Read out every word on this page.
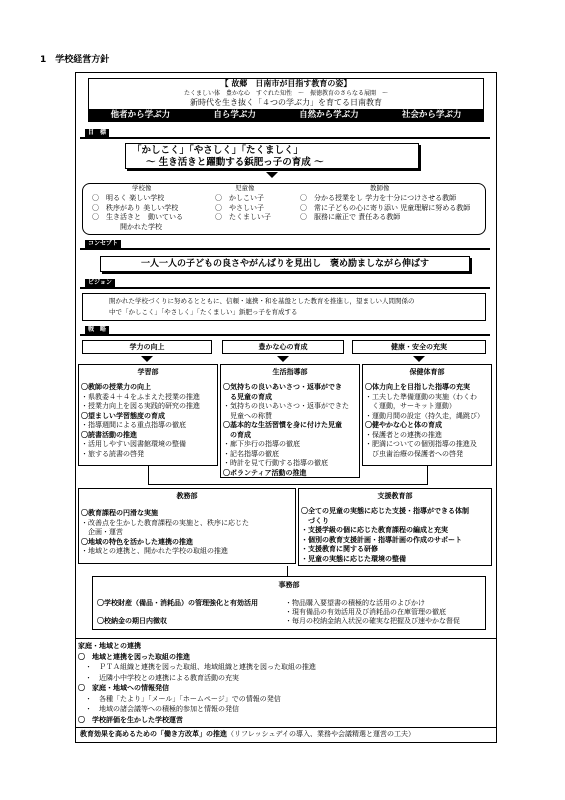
1　学校経営方針
【 故郷　日南市が目指す教育の姿】
たくましい体　豊かな心　すぐれた知性　～　振徳教育のさらなる展開　～
新時代を生き抜く「４つの学ぶ力」を育てる日南教育
他者から学ぶ力	自ら学ぶ力	自然から学ぶ力	社会から学ぶ力
目　標
「かしこく」「やさしく」「たくましく」
～ 生き活きと躍動する鋲肥っ子の育成 ～
学校像
〇　明るく 楽しい学校
〇　秩序があり 美しい学校
〇　生き活きと　動いている
　　　　開かれた学校
児童像
〇　かしこい子
〇　やさしい子
〇　たくましい子
教師像
〇　分かる授業をし 学力を十分につけさせる教師
〇　常に子どもの心に寄り添い 児童理解に努める教師
〇　服務に厳正で 責任ある教師
コンセプト
一人一人の子どもの良さやがんばりを見出し　褒め励ましながら伸ばす
ビジョン
開かれた学校づくりに努めるとともに、信頼・連携・和を基盤とした教育を推進し，望ましい人間関係の
中で「かしこく」「やさしく」「たくましい」鋲肥っ子を育成する
戦　略
学力の向上	豊かな心の育成	健康・安全の充実
学習部
〇教師の授業力の向上
・県教委４＋４をふまえた授業の推進
・授業力向上を図る実践的研究の推進
〇望ましい学習態度の育成
・指導週間による重点指導の徹底
〇読書活動の推進
・活用しやすい図書館環境の整備
・旅する読書の啓発
生活指導部
〇気持ちの良いあいさつ・返事ができ
　る児童の育成
・気持ちの良いあいさつ・返事ができた
　児童への称賛
〇基本的な生活習慣を身に付けた児童
　の育成
・廊下歩行の指導の徹底
・記名指導の徹底
・時計を見て行動する指導の徹底
〇ボランティア活動の推進
保健体育部
〇体力向上を目指した指導の充実
・工夫した準備運動の実施（わくわ
　く運動，サーキット運動）
・運動月間の設定（持久走，縄跳び）
〇健やかな心と体の育成
・保護者との連携の推進
・肥満についての個別指導の推進及
　び虫歯治療の保護者への啓発
教務部
〇教育課程の円滑な実施
・改善点を生かした教育課程の実施と、秩序に応じた
　企画・運営
〇地域の特色を活かした連携の推進
・地域との連携と、開かれた学校の取組の推進
支援教育部
〇全ての児童の実態に応じた支援・指導ができる体制
　づくり
・支援学級の個に応じた教育課程の編成と充実
・個別の教育支援計画・指導計画の作成のサポート
・支援教育に関する研修
・児童の実態に応じた環境の整備
事務部
〇学校財産（備品・消耗品）の管理強化と有効活用
〇校納金の期日内徴収
・物品購入要望書の積極的な活用のよびかけ
・現有備品の有効活用及び消耗品の在庫管理の徹底
・毎月の校納金納入状況の確実な把握及び速やかな督促
家庭・地域との連携
〇　地域と連携を図った取組の推進
　・　ＰＴＡ組織と連携を図った取組、地域組織と連携を図った取組の推進
　・　近隣小中学校との連携による教育活動の充実
〇　家庭・地域への情報発信
　・　各種「たより」「メール」「ホームページ」での情報の発信
　・　地域の諸会議等への積極的参加と情報の発信
〇　学校評価を生かした学校運営
教育効果を高めるための「働き方改革」の推進（リフレッシュデイの導入、業務や会議精選と運営の工夫）
